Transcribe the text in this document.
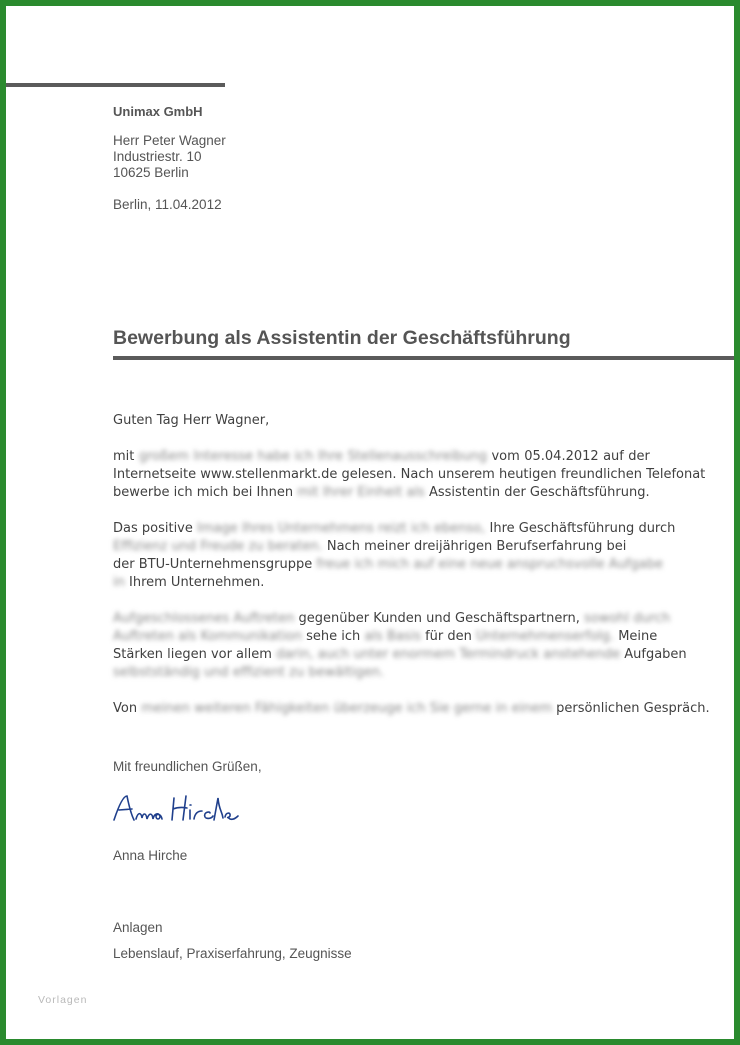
Unimax GmbH
Herr Peter Wagner
Industriestr. 10
10625 Berlin
Berlin, 11.04.2012
Bewerbung als Assistentin der Geschäftsführung
Guten Tag Herr Wagner,
mit großem Interesse habe ich Ihre Stellenausschreibung vom 05.04.2012 auf der
Internetseite www.stellenmarkt.de gelesen. Nach unserem heutigen freundlichen Telefonat
bewerbe ich mich bei Ihnen mit Ihrer Einheit als Assistentin der Geschäftsführung.
Das positive Image Ihres Unternehmens reizt ich ebenso, Ihre Geschäftsführung durch
Effizienz und Freude zu beraten. Nach meiner dreijährigen Berufserfahrung bei
der BTU-Unternehmensgruppe freue ich mich auf eine neue anspruchsvolle Aufgabe
in Ihrem Unternehmen.
Aufgeschlossenes Auftreten gegenüber Kunden und Geschäftspartnern, sowohl durch
Auftreten als Kommunikation sehe ich als Basis für den Unternehmenserfolg. Meine
Stärken liegen vor allem darin, auch unter enormem Termindruck anstehende Aufgaben
selbstständig und effizient zu bewältigen.
Von meinen weiteren Fähigkeiten überzeuge ich Sie gerne in einem persönlichen Gespräch.
Mit freundlichen Grüßen,
Anna Hirche
Anna Hirche
Anlagen
Lebenslauf, Praxiserfahrung, Zeugnisse
Vorlagen
